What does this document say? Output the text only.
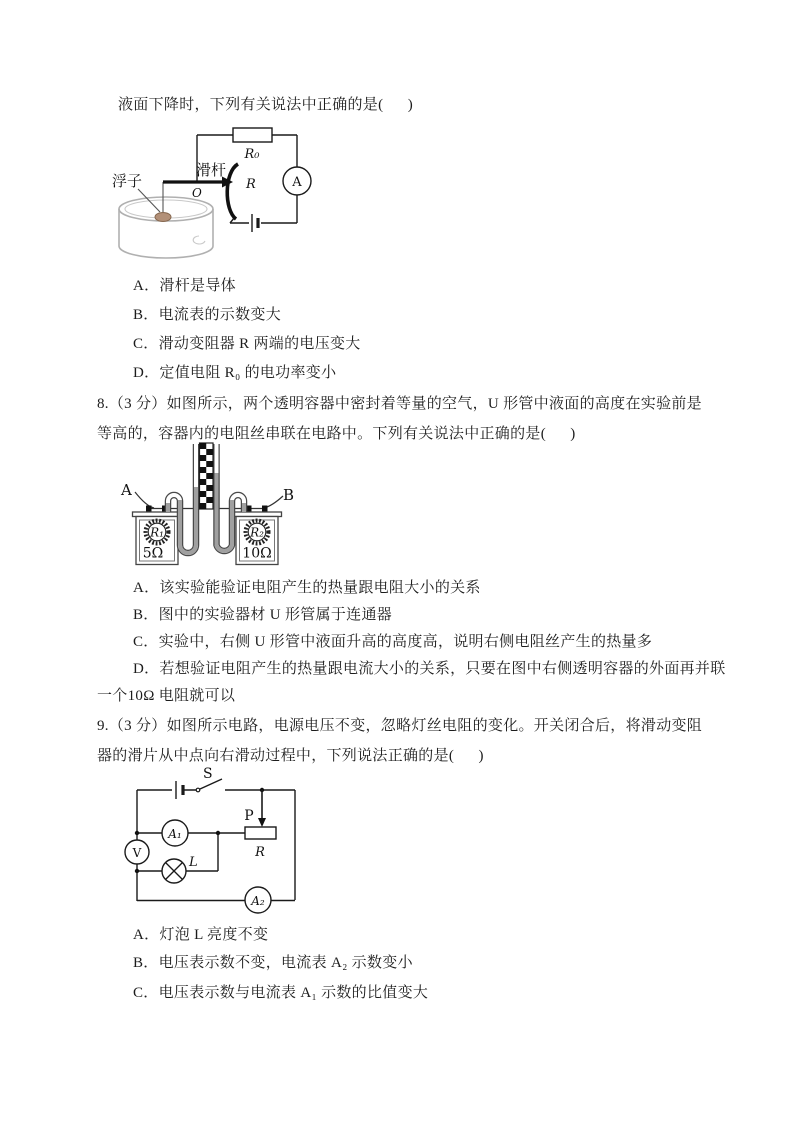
液面下降时，下列有关说法中正确的是(      )
R₀
R
滑杆
O
浮子	A
A．滑杆是导体
B．电流表的示数变大
C．滑动变阻器 R 两端的电压变大
D．定值电阻 R₀ 的电功率变小
8.（3 分）如图所示，两个透明容器中密封着等量的空气，U 形管中液面的高度在实验前是
等高的，容器内的电阻丝串联在电路中。下列有关说法中正确的是(      )
A	B
R₁
5Ω
R₂
10Ω
A．该实验能验证电阻产生的热量跟电阻大小的关系
B．图中的实验器材 U 形管属于连通器
C．实验中，右侧 U 形管中液面升高的高度高，说明右侧电阻丝产生的热量多
D．若想验证电阻产生的热量跟电流大小的关系，只要在图中右侧透明容器的外面再并联
一个10Ω 电阻就可以
9.（3 分）如图所示电路，电源电压不变，忽略灯丝电阻的变化。开关闭合后，将滑动变阻
器的滑片从中点向右滑动过程中，下列说法正确的是(      )
S
P
R
A₁
V
L
A₂
A．灯泡 L 亮度不变
B．电压表示数不变，电流表 A₂ 示数变小
C．电压表示数与电流表 A₁ 示数的比值变大
